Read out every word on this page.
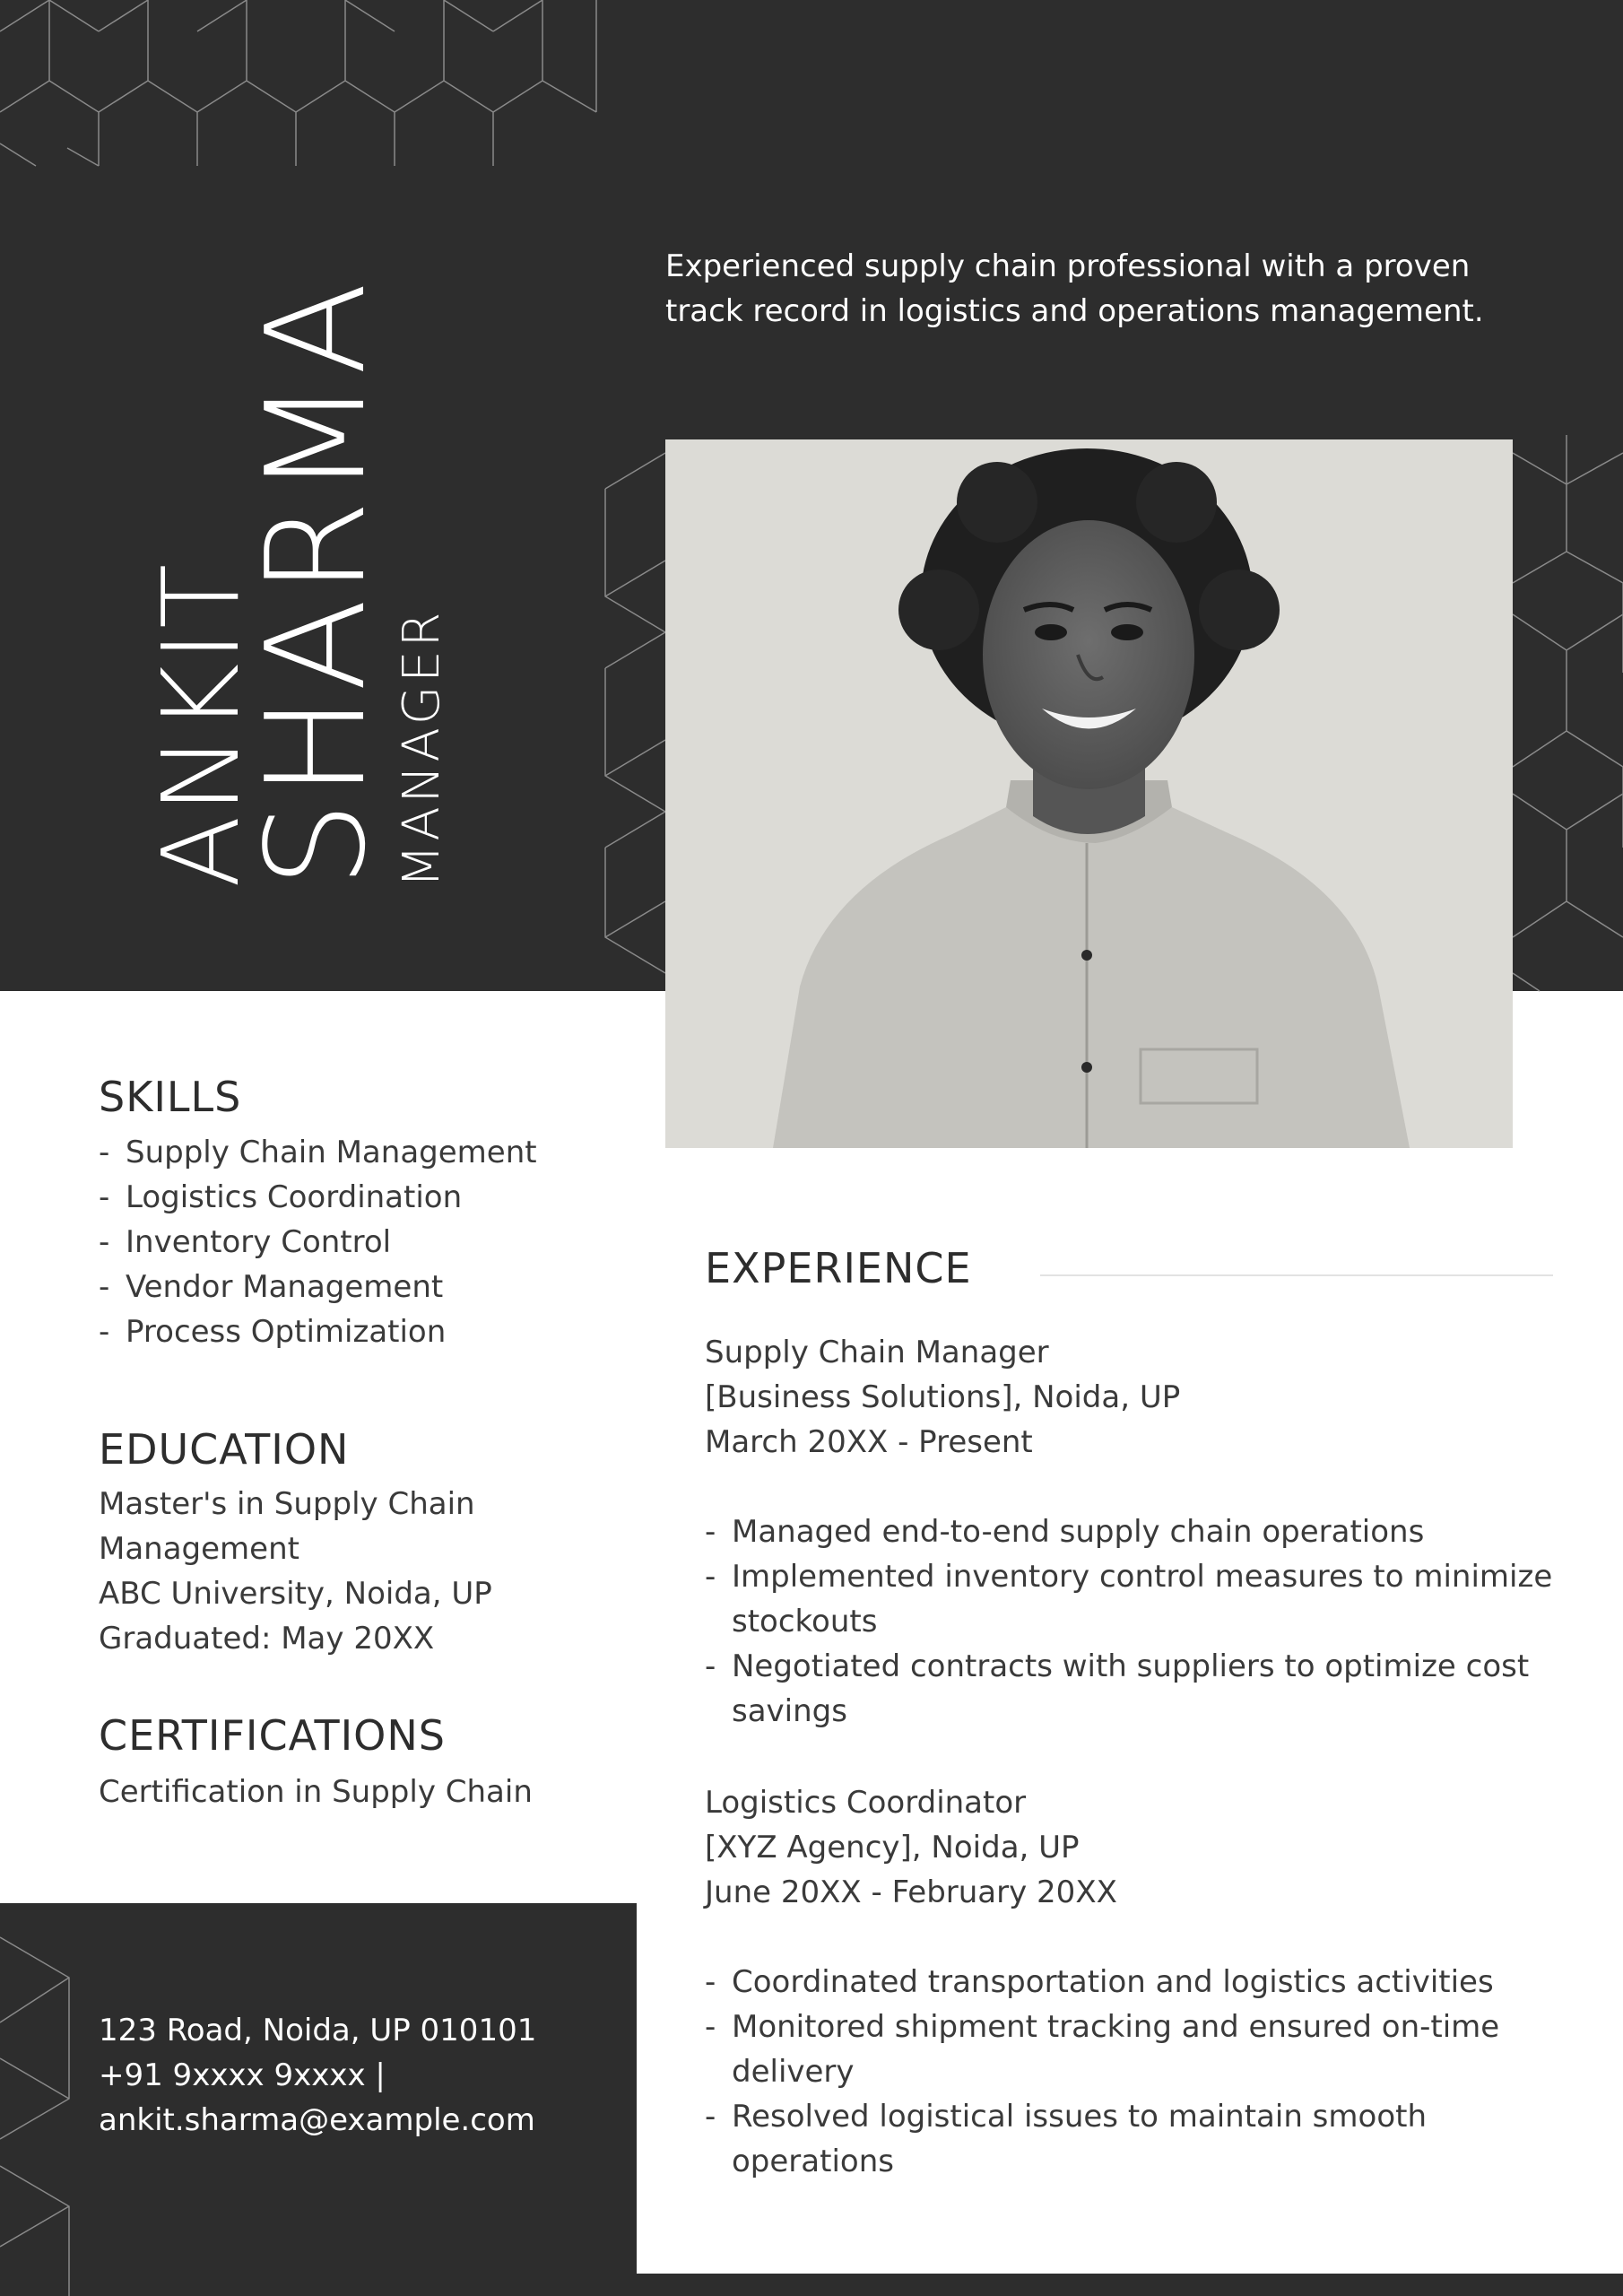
ANKIT
SHARMA
MANAGER
Experienced supply chain professional with a proven track record in logistics and operations management.
SKILLS
- Supply Chain Management
- Logistics Coordination
- Inventory Control
- Vendor Management
- Process Optimization
EDUCATION
Master's in Supply Chain
Management
ABC University, Noida, UP
Graduated: May 20XX
CERTIFICATIONS
Certification in Supply Chain
123 Road, Noida, UP 010101
+91 9xxxx 9xxxx |
ankit.sharma@example.com
EXPERIENCE
Supply Chain Manager
[Business Solutions], Noida, UP
March 20XX - Present
- Managed end-to-end supply chain operations
- Implemented inventory control measures to minimize stockouts
- Negotiated contracts with suppliers to optimize cost savings
Logistics Coordinator
[XYZ Agency], Noida, UP
June 20XX - February 20XX
- Coordinated transportation and logistics activities
- Monitored shipment tracking and ensured on-time delivery
- Resolved logistical issues to maintain smooth operations
